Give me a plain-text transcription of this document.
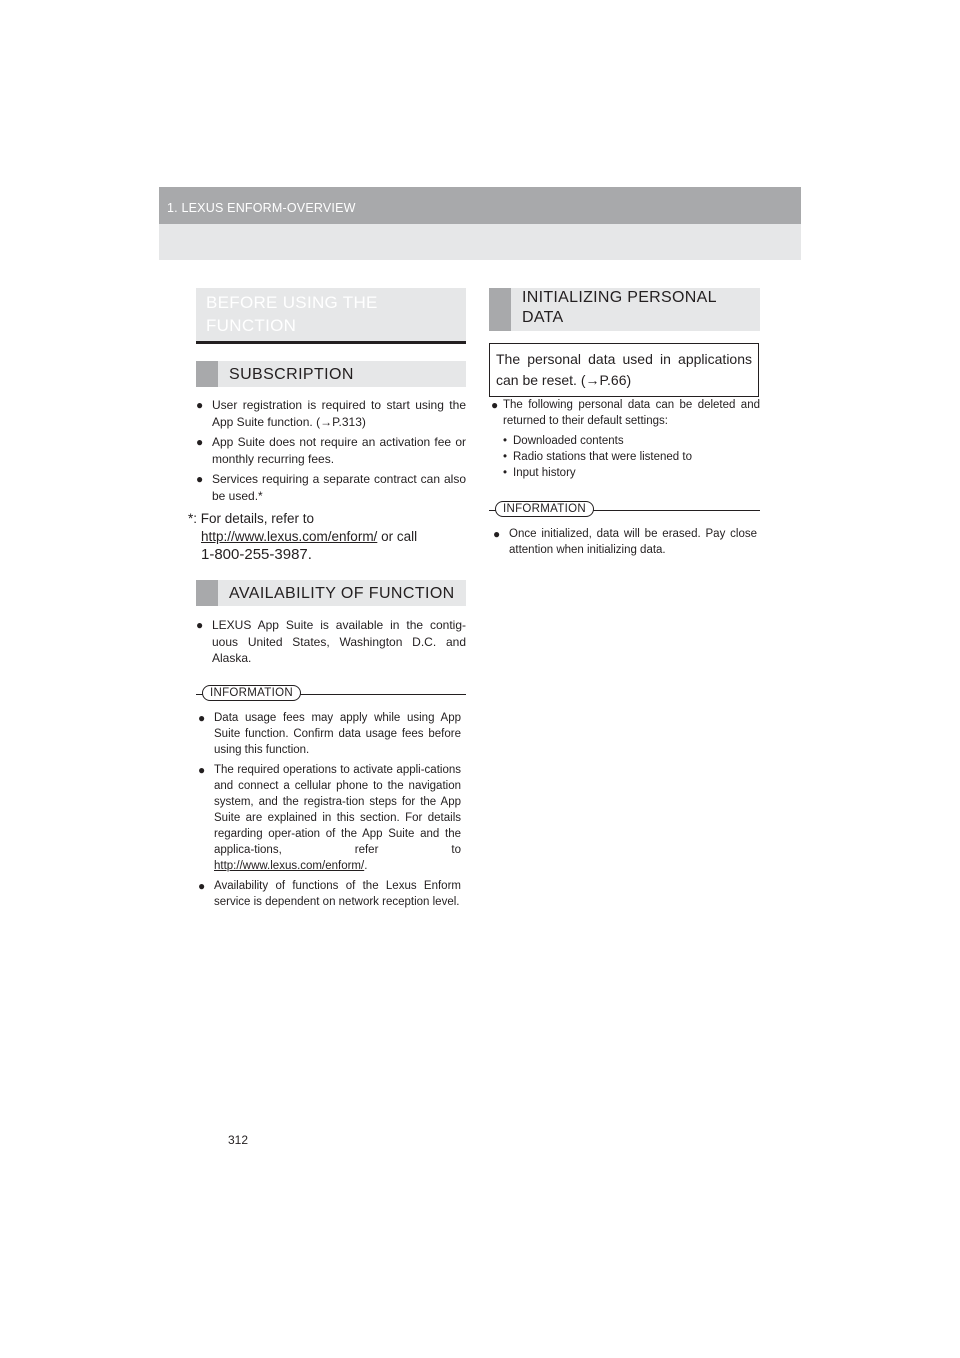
1. LEXUS ENFORM-OVERVIEW
BEFORE USING THE
FUNCTION
SUBSCRIPTION
● User registration is required to start using the App Suite function. (→P.313)
● App Suite does not require an activation fee or monthly recurring fees.
● Services requiring a separate contract can also be used.*
*: For details, refer to
http://www.lexus.com/enform/ or call
1-800-255-3987.
AVAILABILITY OF FUNCTION
● LEXUS App Suite is available in the contig-uous United States, Washington D.C. and Alaska.
INFORMATION
● Data usage fees may apply while using App Suite function. Confirm data usage fees before using this function.
● The required operations to activate appli-cations and connect a cellular phone to the navigation system, and the registra-tion steps for the App Suite are explained in this section. For details regarding oper-ation of the App Suite and the applica-tions, refer to http://www.lexus.com/enform/.
● Availability of functions of the Lexus Enform service is dependent on network reception level.
INITIALIZING PERSONAL
DATA
The personal data used in applications can be reset. (→P.66)
● The following personal data can be deleted and returned to their default settings:
• Downloaded contents
• Radio stations that were listened to
• Input history
INFORMATION
● Once initialized, data will be erased. Pay close attention when initializing data.
312
